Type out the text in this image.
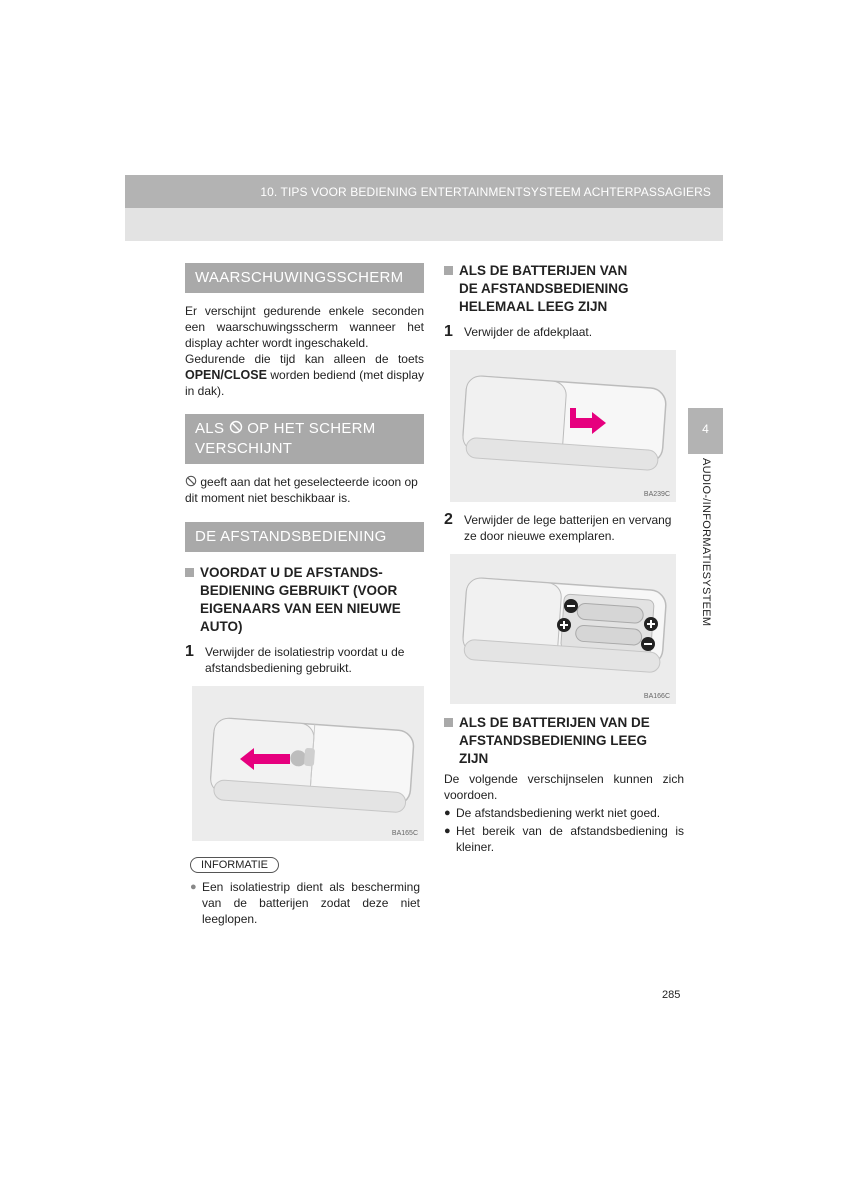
10. TIPS VOOR BEDIENING ENTERTAINMENTSYSTEEM ACHTERPASSAGIERS
4
AUDIO-/INFORMATIESYSTEEM
WAARSCHUWINGSSCHERM

Er verschijnt gedurende enkele seconden een waarschuwingsscherm wanneer het display achter wordt ingeschakeld.

Gedurende die tijd kan alleen de toets OPEN/CLOSE worden bediend (met display in dak).

ALS OP HET SCHERM VERSCHIJNT

geeft aan dat het geselecteerde icoon op dit moment niet beschikbaar is.

DE AFSTANDSBEDIENING
VOORDAT U DE AFSTANDS-
BEDIENING GEBRUIKT (VOOR
EIGENAARS VAN EEN NIEUWE
AUTO)
1 Verwijder de isolatiestrip voordat u de afstandsbediening gebruikt.
BA165C
INFORMATIE
● Een isolatiestrip dient als bescherming van de batterijen zodat deze niet leeglopen.
ALS DE BATTERIJEN VAN
DE AFSTANDSBEDIENING
HELEMAAL LEEG ZIJN
1 Verwijder de afdekplaat.
BA239C
2 Verwijder de lege batterijen en vervang ze door nieuwe exemplaren.
BA166C
ALS DE BATTERIJEN VAN DE
AFSTANDSBEDIENING LEEG
ZIJN

De volgende verschijnselen kunnen zich voordoen.

● De afstandsbediening werkt niet goed.
● Het bereik van de afstandsbediening is kleiner.
285
